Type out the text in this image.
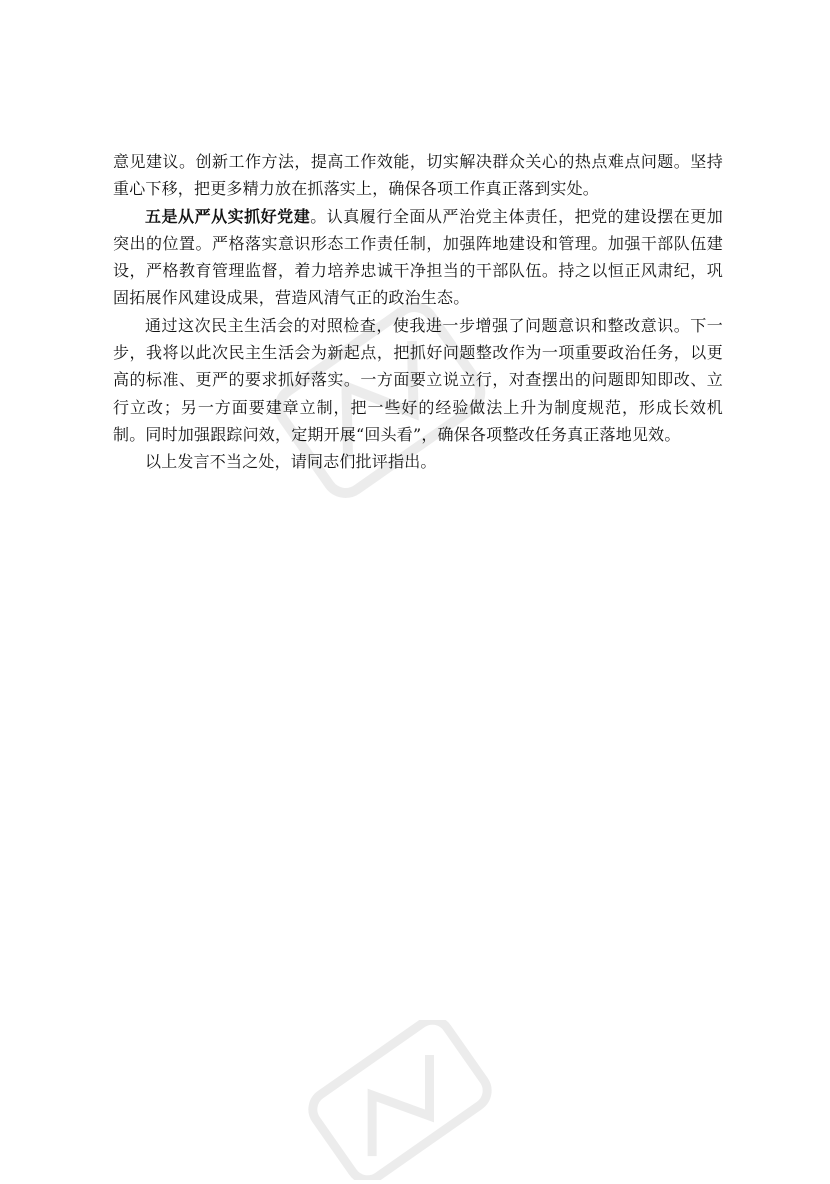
意见建议。创新工作方法，提高工作效能，切实解决群众关心的热点难点问题。坚持重心下移，把更多精力放在抓落实上，确保各项工作真正落到实处。

五是从严从实抓好党建。认真履行全面从严治党主体责任，把党的建设摆在更加突出的位置。严格落实意识形态工作责任制，加强阵地建设和管理。加强干部队伍建设，严格教育管理监督，着力培养忠诚干净担当的干部队伍。持之以恒正风肃纪，巩固拓展作风建设成果，营造风清气正的政治生态。

通过这次民主生活会的对照检查，使我进一步增强了问题意识和整改意识。下一步，我将以此次民主生活会为新起点，把抓好问题整改作为一项重要政治任务，以更高的标准、更严的要求抓好落实。一方面要立说立行，对查摆出的问题即知即改、立行立改；另一方面要建章立制，把一些好的经验做法上升为制度规范，形成长效机制。同时加强跟踪问效，定期开展“回头看”，确保各项整改任务真正落地见效。

以上发言不当之处，请同志们批评指出。
